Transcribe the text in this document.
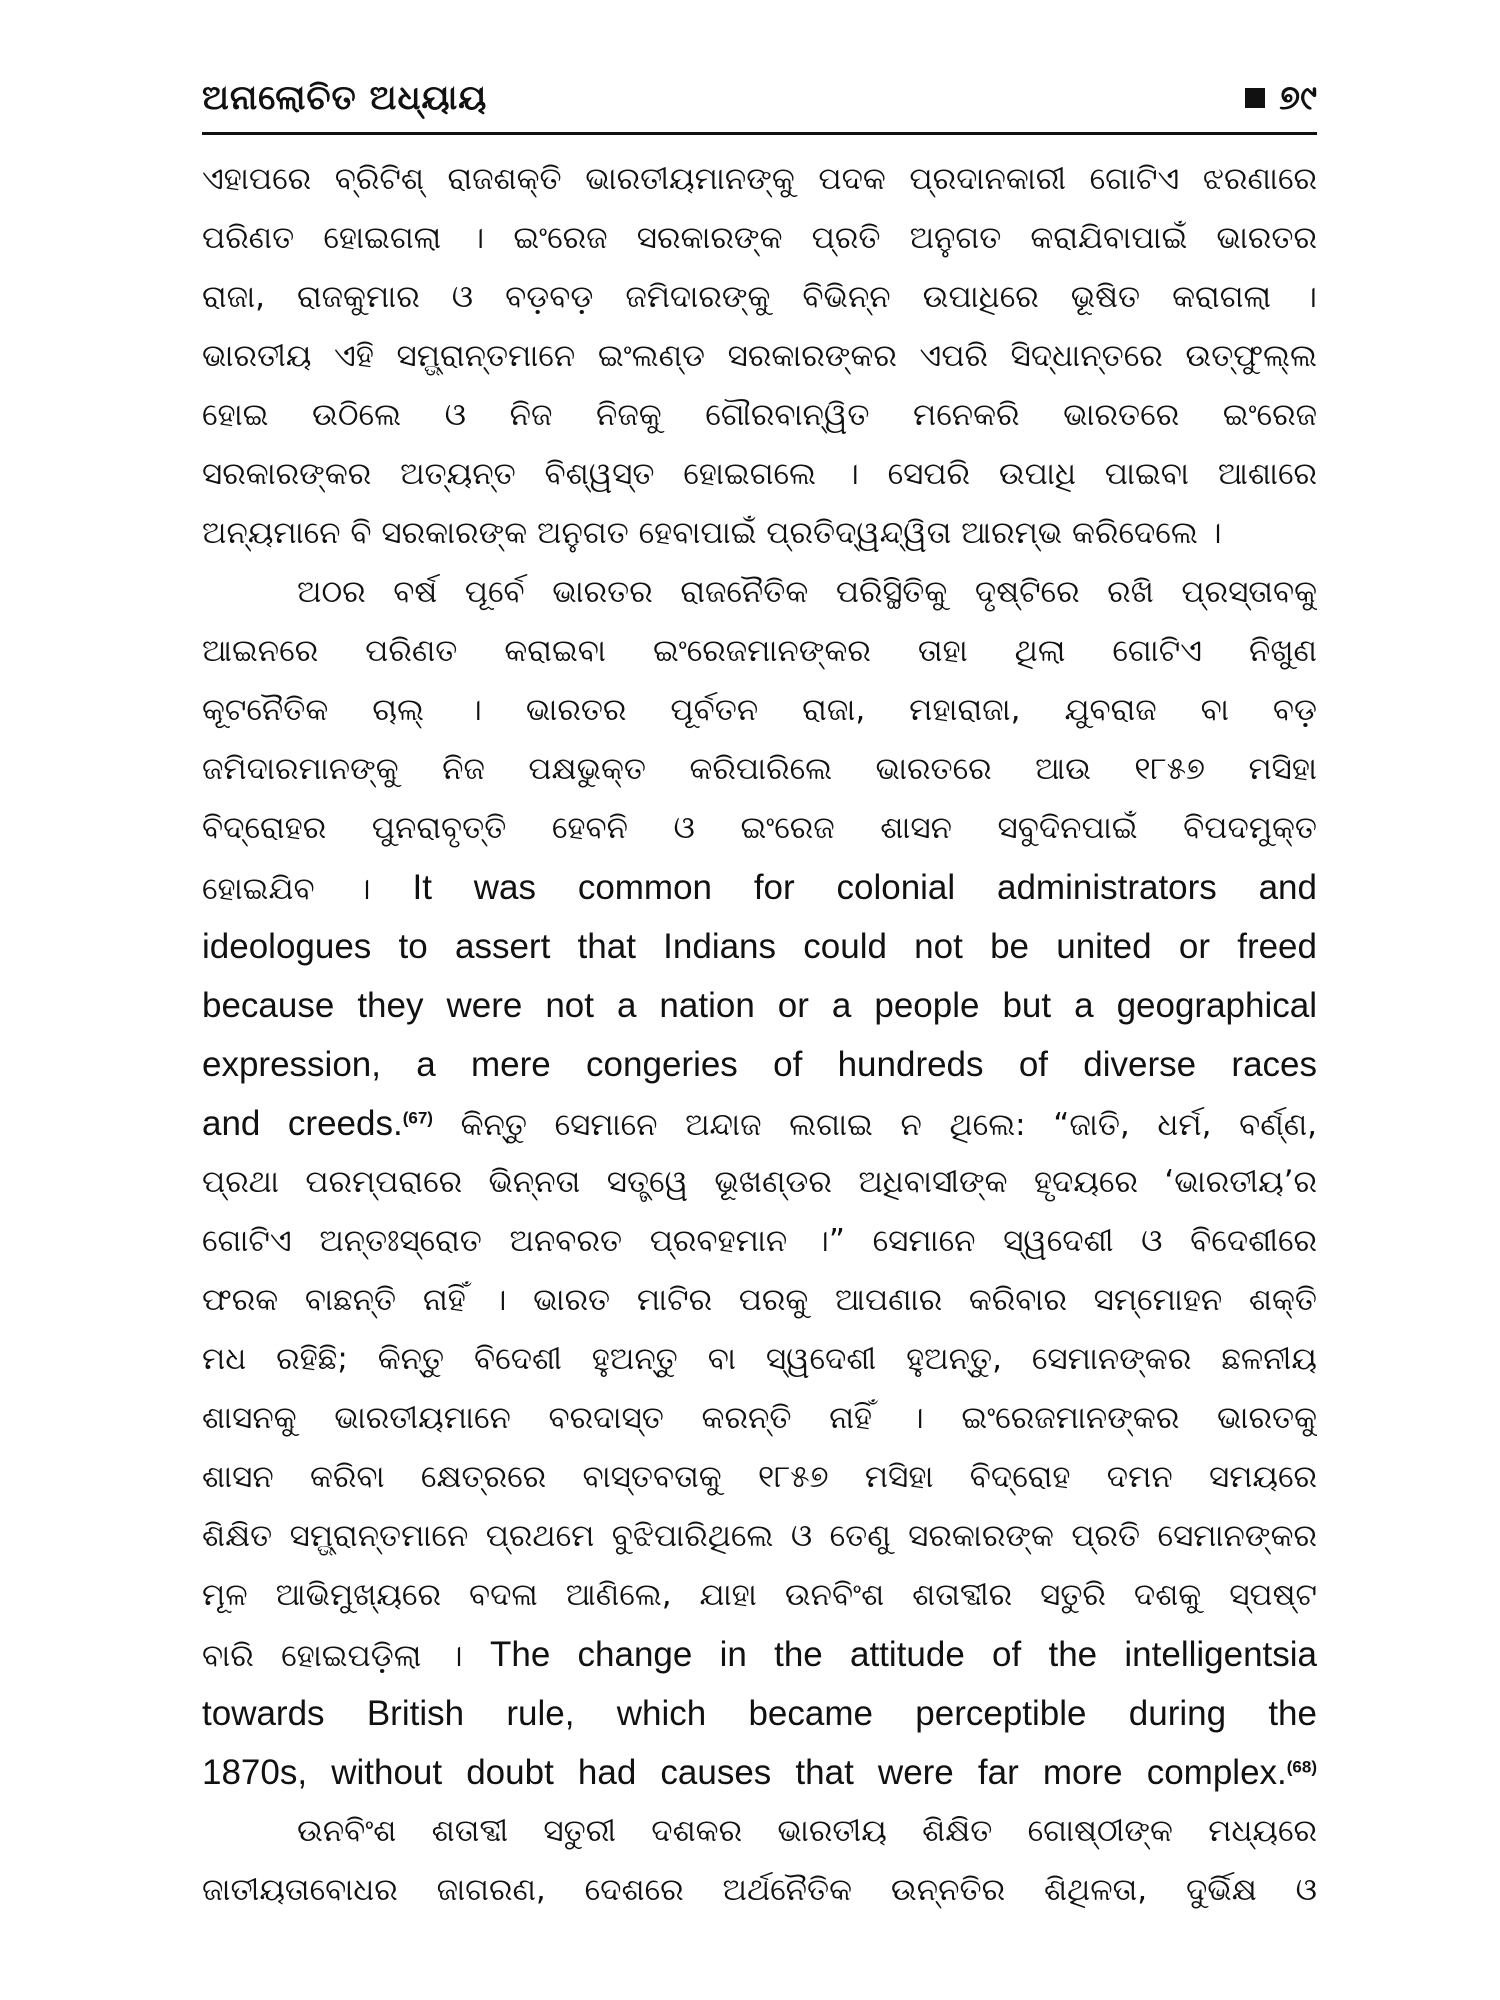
ଅନାଲୋଚିତ ଅଧ୍ୟାୟ	୭୯
ଏହାପରେ ବ୍ରିଟିଶ୍ ରାଜଶକ୍ତି ଭାରତୀୟମାନଙ୍କୁ ପଦକ ପ୍ରଦାନକାରୀ ଗୋଟିଏ ଝରଣାରେ
ପରିଣତ ହୋଇଗଲା । ଇଂରେଜ ସରକାରଙ୍କ ପ୍ରତି ଅନୁଗତ କରାଯିବାପାଇଁ ଭାରତର
ରାଜା, ରାଜକୁମାର ଓ ବଡ଼ବଡ଼ ଜମିଦାରଙ୍କୁ ବିଭିନ୍ନ ଉପାଧିରେ ଭୂଷିତ କରାଗଲା ।
ଭାରତୀୟ ଏହି ସମ୍ଭ୍ରାନ୍ତମାନେ ଇଂଲଣ୍ଡ ସରକାରଙ୍କର ଏପରି ସିଦ୍ଧାନ୍ତରେ ଉତ୍‌ଫୁଲ୍ଲ
ହୋଇ ଉଠିଲେ ଓ ନିଜ ନିଜକୁ ଗୌରବାନ୍ୱିତ ମନେକରି ଭାରତରେ ଇଂରେଜ
ସରକାରଙ୍କର ଅତ୍ୟନ୍ତ ବିଶ୍ୱସ୍ତ ହୋଇଗଲେ । ସେପରି ଉପାଧି ପାଇବା ଆଶାରେ
ଅନ୍ୟମାନେ ବି ସରକାରଙ୍କ ଅନୁଗତ ହେବାପାଇଁ ପ୍ରତିଦ୍ୱନ୍ଦ୍ୱିତା ଆରମ୍ଭ କରିଦେଲେ ।
ଅଠର ବର୍ଷ ପୂର୍ବେ ଭାରତର ରାଜନୈତିକ ପରିସ୍ଥିତିକୁ ଦୃଷ୍ଟିରେ ରଖି ପ୍ରସ୍ତାବକୁ
ଆଇନରେ ପରିଣତ କରାଇବା ଇଂରେଜମାନଙ୍କର ତାହା ଥିଲା ଗୋଟିଏ ନିଖୁଣ
କୂଟନୈତିକ ଚାଲ୍ । ଭାରତର ପୂର୍ବତନ ରାଜା, ମହାରାଜା, ଯୁବରାଜ ବା ବଡ଼
ଜମିଦାରମାନଙ୍କୁ ନିଜ ପକ୍ଷଭୁକ୍ତ କରିପାରିଲେ ଭାରତରେ ଆଉ ୧୮୫୭ ମସିହା
ବିଦ୍ରୋହର ପୁନରାବୃତ୍ତି ହେବନି ଓ ଇଂରେଜ ଶାସନ ସବୁଦିନପାଇଁ ବିପଦମୁକ୍ତ
ହୋଇଯିବ । It was common for colonial administrators and
ideologues to assert that Indians could not be united or freed
because they were not a nation or a people but a geographical
expression, a mere congeries of hundreds of diverse races
and creeds.$^{(67)}$ କିନ୍ତୁ ସେମାନେ ଅନ୍ଦାଜ ଲଗାଇ ନ ଥିଲେ: “ଜାତି, ଧର୍ମ, ବର୍ଣ୍ଣ,
ପ୍ରଥା ପରମ୍ପରାରେ ଭିନ୍ନତା ସତ୍ତ୍ୱେ ଭୂଖଣ୍ଡର ଅଧିବାସୀଙ୍କ ହୃଦୟରେ ‘ଭାରତୀୟ’ର
ଗୋଟିଏ ଅନ୍ତଃସ୍ରୋତ ଅନବରତ ପ୍ରବହମାନ ।” ସେମାନେ ସ୍ୱଦେଶୀ ଓ ବିଦେଶୀରେ
ଫରକ ବାଛନ୍ତି ନାହିଁ । ଭାରତ ମାଟିର ପରକୁ ଆପଣାର କରିବାର ସମ୍ମୋହନ ଶକ୍ତି
ମଧ ରହିଛି; କିନ୍ତୁ ବିଦେଶୀ ହୁଅନ୍ତୁ ବା ସ୍ୱଦେଶୀ ହୁଅନ୍ତୁ, ସେମାନଙ୍କର ଛଳନୀୟ
ଶାସନକୁ ଭାରତୀୟମାନେ ବରଦାସ୍ତ କରନ୍ତି ନାହିଁ । ଇଂରେଜମାନଙ୍କର ଭାରତକୁ
ଶାସନ କରିବା କ୍ଷେତ୍ରରେ ବାସ୍ତବତାକୁ ୧୮୫୭ ମସିହା ବିଦ୍ରୋହ ଦମନ ସମୟରେ
ଶିକ୍ଷିତ ସମ୍ଭ୍ରାନ୍ତମାନେ ପ୍ରଥମେ ବୁଝିପାରିଥିଲେ ଓ ତେଣୁ ସରକାରଙ୍କ ପ୍ରତି ସେମାନଙ୍କର
ମୂଳ ଆଭିମୁଖ୍ୟରେ ବଦଳା ଆଣିଲେ, ଯାହା ଉନବିଂଶ ଶତାବ୍ଦୀର ସତୁରି ଦଶକୁ ସ୍ପଷ୍ଟ
ବାରି ହୋଇପଡ଼ିଲା । The change in the attitude of the intelligentsia
towards British rule, which became perceptible during the
1870s, without doubt had causes that were far more complex.$^{(68)}$
ଉନବିଂଶ ଶତାବ୍ଦୀ ସତୁରୀ ଦଶକର ଭାରତୀୟ ଶିକ୍ଷିତ ଗୋଷ୍ଠୀଙ୍କ ମଧ୍ୟରେ
ଜାତୀୟତାବୋଧର ଜାଗରଣ, ଦେଶରେ ଅର୍ଥନୈତିକ ଉନ୍ନତିର ଶିଥିଳତା, ଦୁର୍ଭିକ୍ଷ ଓ
